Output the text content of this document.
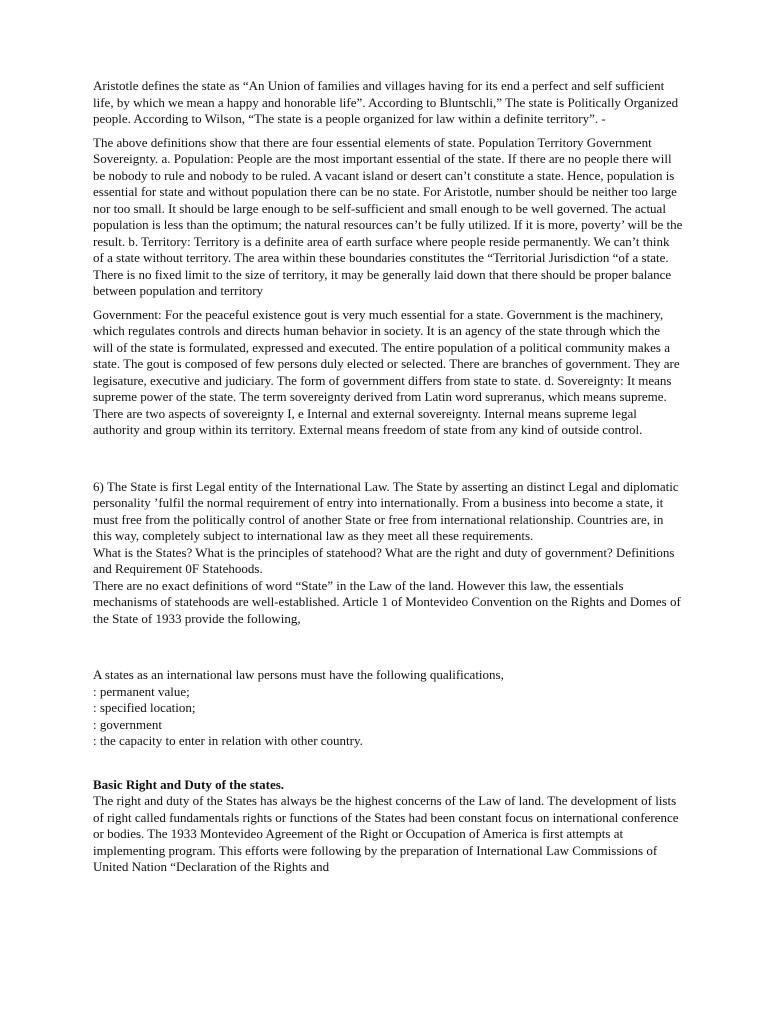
Aristotle defines the state as “An Union of families and villages having for its end a perfect and self sufficient life, by which we mean a happy and honorable life”. According to Bluntschli,” The state is Politically Organized people. According to Wilson, “The state is a people organized for law within a definite territory”. -

The above definitions show that there are four essential elements of state. Population Territory Government Sovereignty. a. Population: People are the most important essential of the state. If there are no people there will be nobody to rule and nobody to be ruled. A vacant island or desert can’t constitute a state. Hence, population is essential for state and without population there can be no state. For Aristotle, number should be neither too large nor too small. It should be large enough to be self-sufficient and small enough to be well governed. The actual population is less than the optimum; the natural resources can’t be fully utilized. If it is more, poverty’ will be the result. b. Territory: Territory is a definite area of earth surface where people reside permanently. We can’t think of a state without territory. The area within these boundaries constitutes the “Territorial Jurisdiction “of a state. There is no fixed limit to the size of territory, it may be generally laid down that there should be proper balance between population and territory

Government: For the peaceful existence gout is very much essential for a state. Government is the machinery, which regulates controls and directs human behavior in society. It is an agency of the state through which the will of the state is formulated, expressed and executed. The entire population of a political community makes a state. The gout is composed of few persons duly elected or selected. There are branches of government. They are legisature, executive and judiciary. The form of government differs from state to state. d. Sovereignty: It means supreme power of the state. The term sovereignty derived from Latin word supreranus, which means supreme. There are two aspects of sovereignty I, e Internal and external sovereignty. Internal means supreme legal authority and group within its territory. External means freedom of state from any kind of outside control.

6) The State is first Legal entity of the International Law. The State by asserting an distinct Legal and diplomatic personality ’fulfil the normal requirement of entry into internationally. From a business into become a state, it must free from the politically control of another State or free from international relationship. Countries are, in this way, completely subject to international law as they meet all these requirements.

What is the States? What is the principles of statehood? What are the right and duty of government? Definitions and Requirement 0F Statehoods.

There are no exact definitions of word “State” in the Law of the land. However this law, the essentials mechanisms of statehoods are well-established. Article 1 of Montevideo Convention on the Rights and Domes of the State of 1933 provide the following,

A states as an international law persons must have the following qualifications,

: permanent value;

: specified location;

: government

: the capacity to enter in relation with other country.

Basic Right and Duty of the states.

The right and duty of the States has always be the highest concerns of the Law of land. The development of lists of right called fundamentals rights or functions of the States had been constant focus on international conference or bodies. The 1933 Montevideo Agreement of the Right or Occupation of America is first attempts at implementing program. This efforts were following by the preparation of International Law Commissions of United Nation “Declaration of the Rights and
